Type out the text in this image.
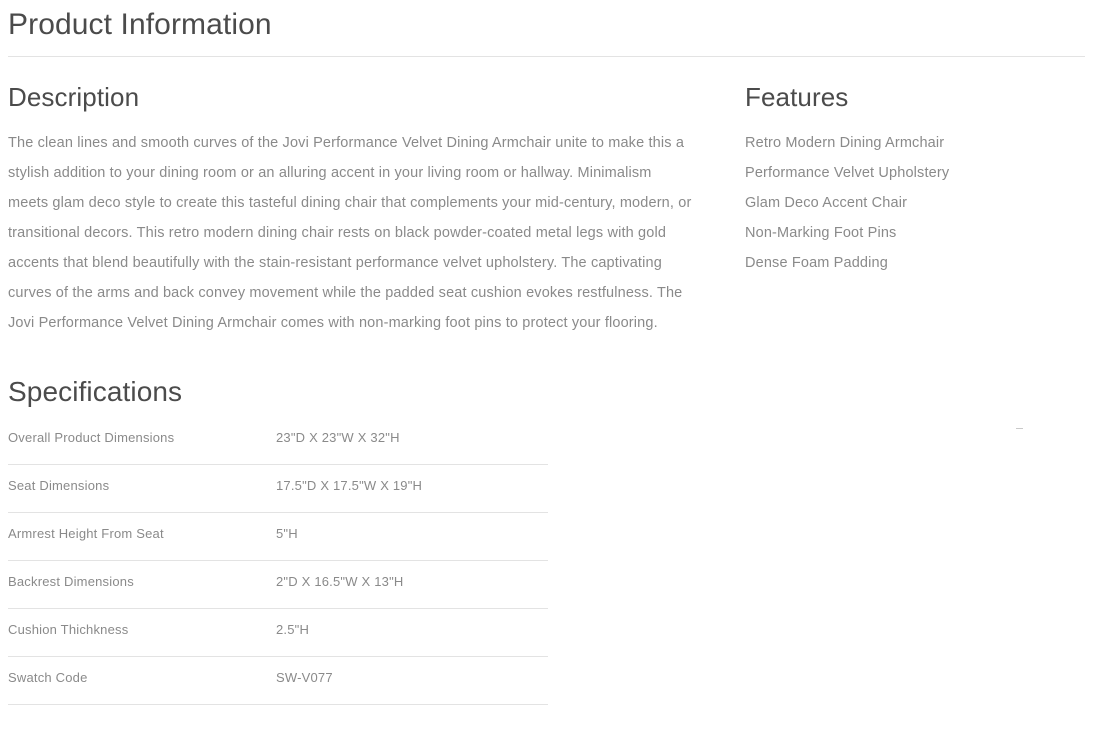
Product Information
Description

The clean lines and smooth curves of the Jovi Performance Velvet Dining Armchair unite to make this a stylish addition to your dining room or an alluring accent in your living room or hallway. Minimalism meets glam deco style to create this tasteful dining chair that complements your mid-century, modern, or transitional decors. This retro modern dining chair rests on black powder-coated metal legs with gold accents that blend beautifully with the stain-resistant performance velvet upholstery. The captivating curves of the arms and back convey movement while the padded seat cushion evokes restfulness. The Jovi Performance Velvet Dining Armchair comes with non-marking foot pins to protect your flooring.

Features
Retro Modern Dining Armchair
Performance Velvet Upholstery
Glam Deco Accent Chair
Non-Marking Foot Pins
Dense Foam Padding
Specifications
Overall Product Dimensions	23"D X 23"W X 32"H
Seat Dimensions	17.5"D X 17.5"W X 19"H
Armrest Height From Seat	5"H
Backrest Dimensions	2"D X 16.5"W X 13"H
Cushion Thichkness	2.5"H
Swatch Code	SW-V077
